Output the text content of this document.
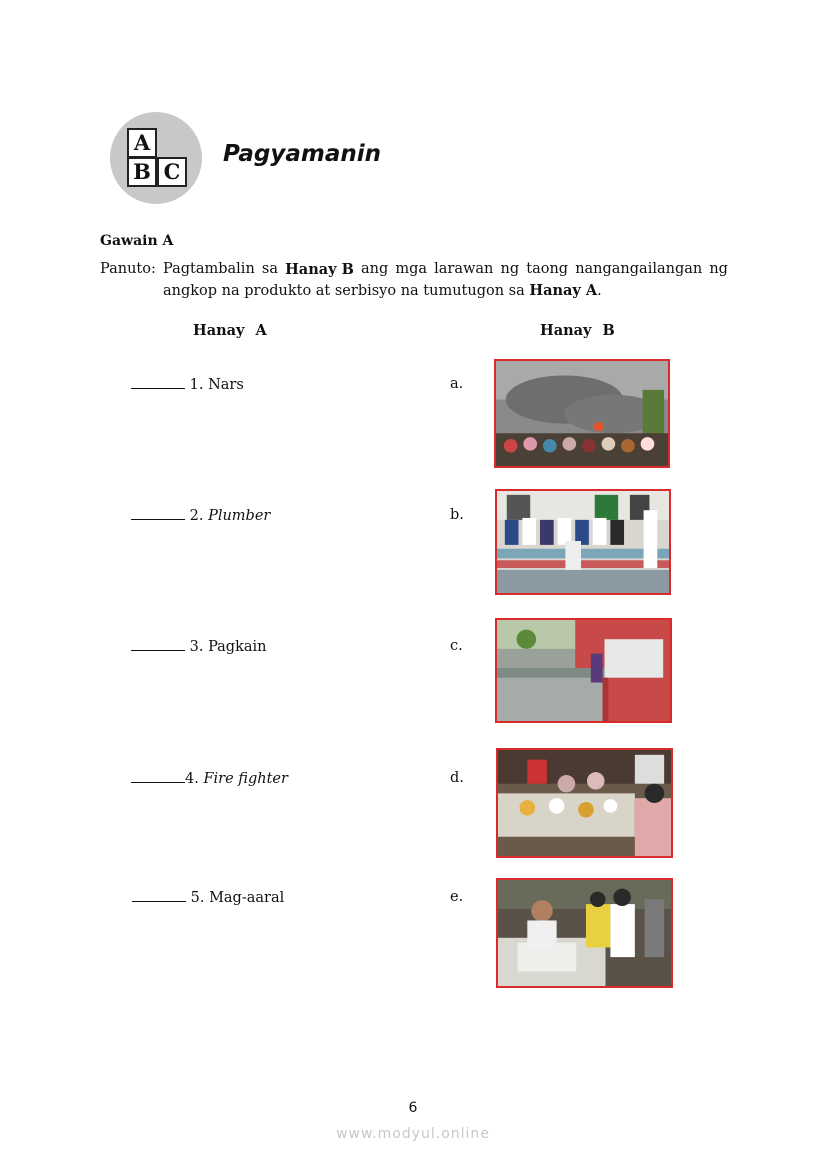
A
B C
Pagyamanin
Gawain A
Panuto: Pagtambalin sa Hanay B ang mga larawan ng taong nangangailangan ng
angkop na produkto at serbisyo na tumutugon sa Hanay A.
Hanay A	Hanay B
1. Nars
2. Plumber
3. Pagkain
4. Fire fighter
5. Mag-aaral
a.
b.
c.
d.
e.
6
www.modyul.online
